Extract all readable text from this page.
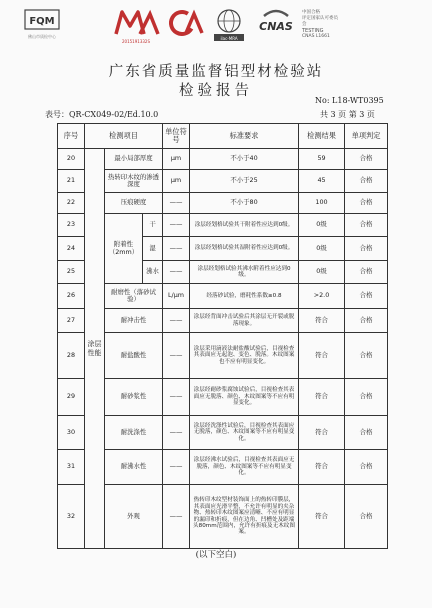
FQM
佛山市质检中心
2015191332S
ilac-MRA
CNAS
中国合格
评定国家认可委员会
TESTING
CNAS L1661
广东省质量监督铝型材检验站
检验报告
No: L18-WT0395
表号：QR-CX049-02/Ed.10.0	共 3 页 第 3 页
序号	检测项目			单位符号	标准要求	检测结果	单项判定
20	涂层性能	最小局部厚度		μm	不小于40	59	合格
21		热转印木纹的渗透深度		μm	不小于25	45	合格
22		压痕硬度		——	不小于80	100	合格
23		附着性（2mm）	干	——	涂层经划格试验其干附着性应达到0级。	0级	合格
24			湿	——	涂层经划格试验其湿附着性应达到0级。	0级	合格
25			沸水	——	涂层经划格试验其沸水附着性应达到0级。	0级	合格
26		耐磨性（落砂试验）		L/μm	经落砂试验，磨耗性系数≥0.8	>2.0	合格
27		耐冲击性		——	涂层经背面冲击试验后其涂层无开裂或脱落现象。	符合	合格
28		耐盐酸性		——	涂层采用滴液法耐盐酸试验后，目视检查其表面应无起泡、变色、脱落。木纹图案也不应有明显变化。	符合	合格
29		耐砂浆性		——	涂层经耐砂浆腐蚀试验后，目视检查其表面应无脱落、颜色、木纹图案等不应有明显变化。	符合	合格
30		耐洗涤性		——	涂层经洗涤性试验后，目视检查其表面应无脱落，颜色、木纹图案等不应有明显变化。	符合	合格
31		耐沸水性		——	涂层经沸水试验后，目视检查其表面应无脱落，颜色、木纹图案等不应有明显变化。	符合	合格
32		外观		——	热转印木纹型材装饰面上的热转印膜层，其表面应光滑平整，不允许有明显的夹杂物、热转印木纹图案应清晰、不应有明显的漏印和折痕，但在边角、凹槽处及距端头80mm范围内，允许有折痕及无木纹图案。	符合	合格
(以下空白)
